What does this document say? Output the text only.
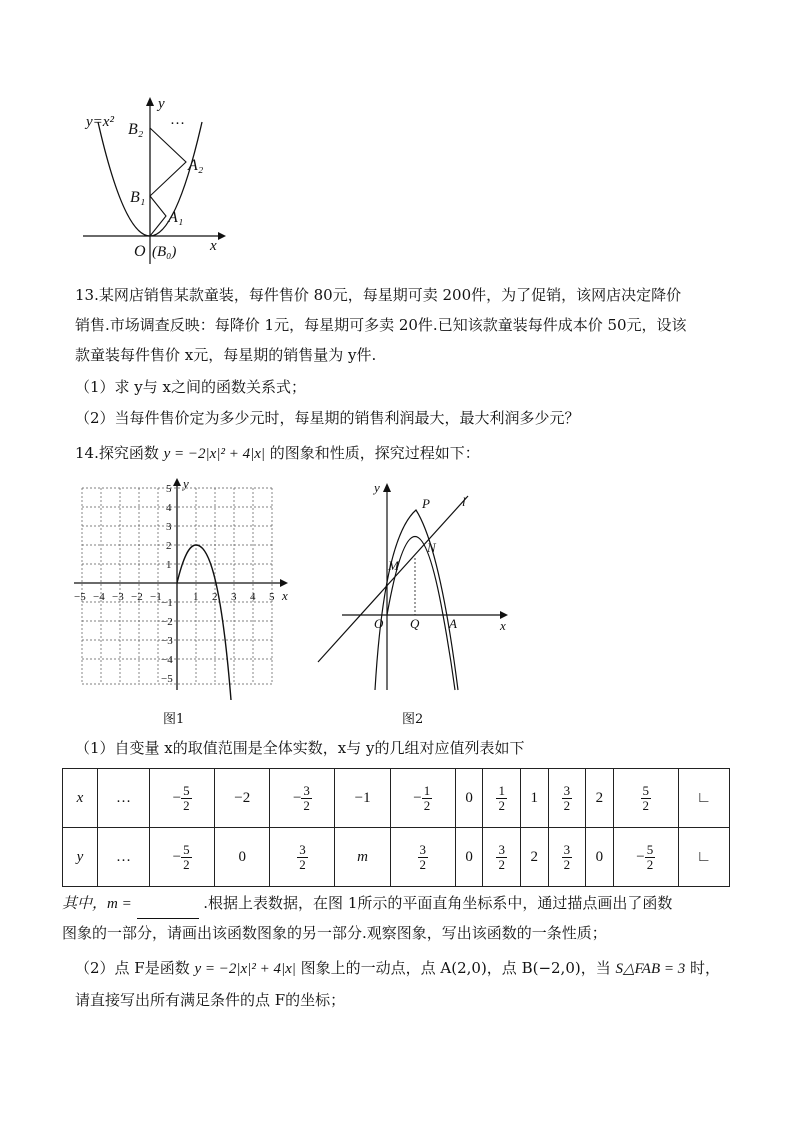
y=x²
y
…
B₂
A₂
B₁
A₁
x
O (B₀)

13.某网店销售某款童装，每件售价 80元，每星期可卖 200件，为了促销，该网店决定降价

销售.市场调查反映：每降价 1元，每星期可多卖 20件.已知该款童装每件成本价 50元，设该

款童装每件售价 x元，每星期的销售量为 y件.

（1）求 y与 x之间的函数关系式；

（2）当每件售价定为多少元时，每星期的销售利润最大，最大利润多少元？

14.探究函数 y = −2|x|² + 4|x| 的图象和性质，探究过程如下：

−5 −4 −3 −2 −1	1 2 3 4 5
5
4
3
2
1
−1
−2
−3
−4
−5
x
y
图1
y
P l
N
M
O Q A	x
图2

（1）自变量 x的取值范围是全体实数，x与 y的几组对应值列表如下

x	…	− $\frac{5}{2}$	−2	− $\frac{3}{2}$	−1	− $\frac{1}{2}$	0	$\frac{1}{2}$	1	$\frac{3}{2}$	2	$\frac{5}{2}$	∟
y	…	− $\frac{5}{2}$	0	$\frac{3}{2}$	m	$\frac{3}{2}$	0	$\frac{3}{2}$	2	$\frac{3}{2}$	0	− $\frac{5}{2}$	∟

其中，m =	.根据上表数据，在图 1所示的平面直角坐标系中，通过描点画出了函数

图象的一部分，请画出该函数图象的另一部分.观察图象，写出该函数的一条性质；

（2）点 F是函数 y = −2|x|² + 4|x| 图象上的一动点，点 A(2,0)，点 B(−2,0)，当 S△FAB = 3 时，

请直接写出所有满足条件的点 F的坐标；
